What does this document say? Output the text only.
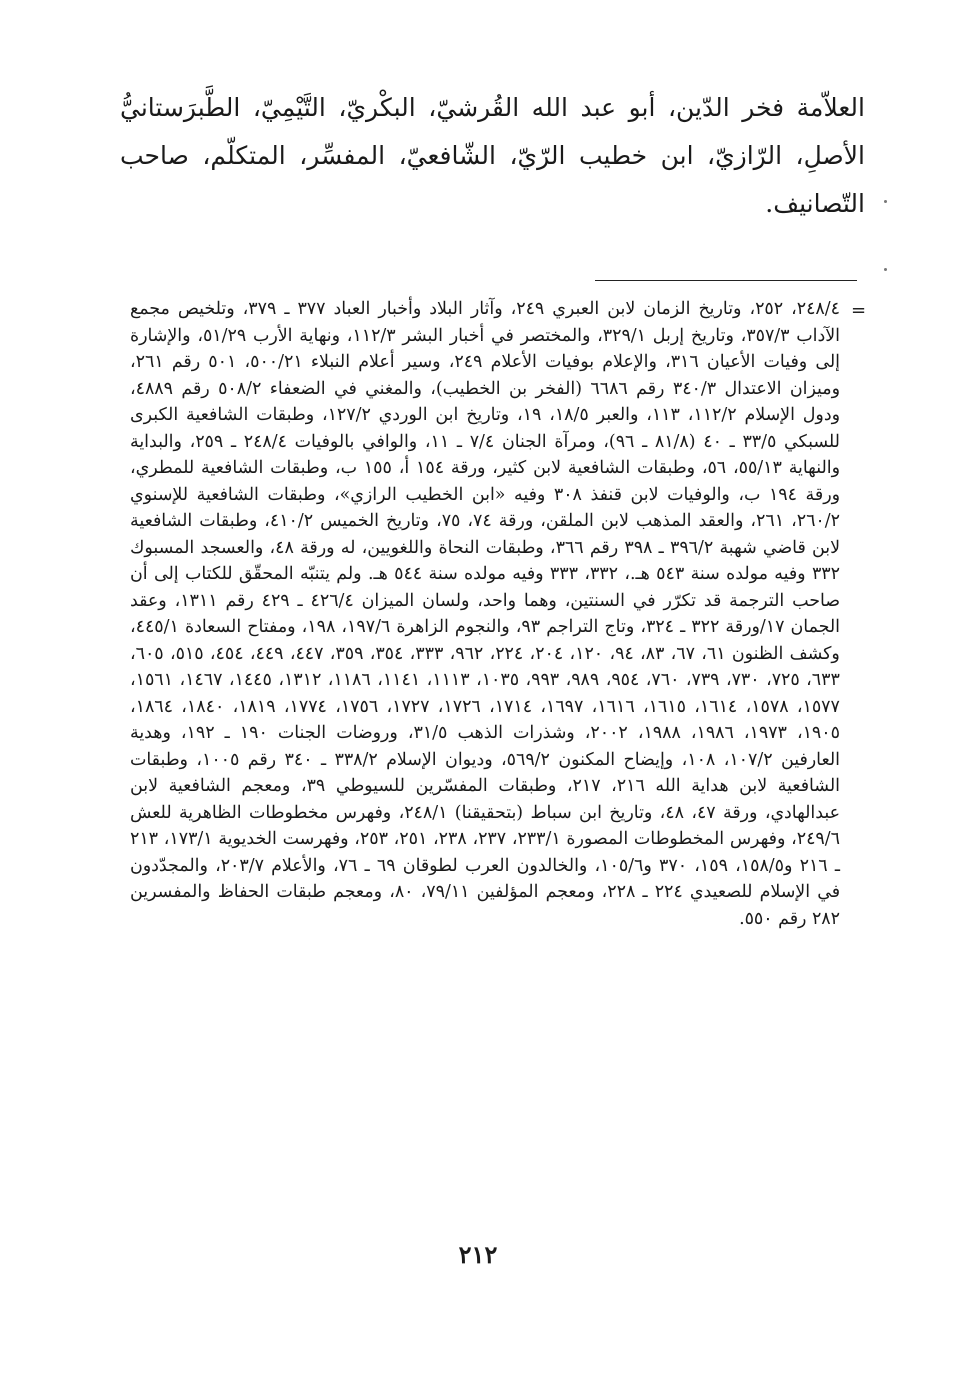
العلاّمة فخر الدّين، أبو عبد الله القُرشيّ، البكْريّ، التَّيْمِيّ، الطَّبرَستانيُّ الأصلِ، الرّازيّ، ابن خطيب الرّيّ، الشّافعيّ، المفسِّر، المتكلّم، صاحب التّصانيف.

=

٢٤٨/٤، ٢٥٢، وتاريخ الزمان لابن العبري ٢٤٩، وآثار البلاد وأخبار العباد ٣٧٧ ـ ٣٧٩، وتلخيص مجمع الآداب ٣٥٧/٣، وتاريخ إربل ٣٢٩/١، والمختصر في أخبار البشر ١١٢/٣، ونهاية الأرب ٥١/٢٩، والإشارة إلى وفيات الأعيان ٣١٦، والإعلام بوفيات الأعلام ٢٤٩، وسير أعلام النبلاء ٥٠٠/٢١، ٥٠١ رقم ٢٦١، وميزان الاعتدال ٣٤٠/٣ رقم ٦٦٨٦ (الفخر بن الخطيب)، والمغني في الضعفاء ٥٠٨/٢ رقم ٤٨٨٩، ودول الإسلام ١١٢/٢، ١١٣، والعبر ١٨/٥، ١٩، وتاريخ ابن الوردي ١٢٧/٢، وطبقات الشافعية الكبرى للسبكي ٣٣/٥ ـ ٤٠ (٨١/٨ ـ ٩٦)، ومرآة الجنان ٧/٤ ـ ١١، والوافي بالوفيات ٢٤٨/٤ ـ ٢٥٩، والبداية والنهاية ٥٥/١٣، ٥٦، وطبقات الشافعية لابن كثير، ورقة ١٥٤ أ، ١٥٥ ب، وطبقات الشافعية للمطري، ورقة ١٩٤ ب، والوفيات لابن قنفذ ٣٠٨ وفيه «ابن الخطيب الرازي»، وطبقات الشافعية للإسنوي ٢٦٠/٢، ٢٦١، والعقد المذهب لابن الملقن، ورقة ٧٤، ٧٥، وتاريخ الخميس ٤١٠/٢، وطبقات الشافعية لابن قاضي شهبة ٣٩٦/٢ ـ ٣٩٨ رقم ٣٦٦، وطبقات النحاة واللغويين، له ورقة ٤٨، والعسجد المسبوك ٣٣٢ وفيه مولده سنة ٥٤٣ هـ.، ٣٣٢، ٣٣٣ وفيه مولده سنة ٥٤٤ هـ. ولم يتنبّه المحقّق للكتاب إلى أن صاحب الترجمة قد تكرّر في السنتين، وهما واحد، ولسان الميزان ٤٢٦/٤ ـ ٤٢٩ رقم ١٣١١، وعقد الجمان ١٧/ورقة ٣٢٢ ـ ٣٢٤، وتاج التراجم ٩٣، والنجوم الزاهرة ١٩٧/٦، ١٩٨، ومفتاح السعادة ٤٤٥/١، وكشف الظنون ٦١، ٦٧، ٨٣، ٩٤، ١٢٠، ٢٠٤، ٢٢٤، ٩٦٢، ٣٣٣، ٣٥٤، ٣٥٩، ٤٤٧، ٤٤٩، ٤٥٤، ٥١٥، ٦٠٥، ٦٣٣، ٧٢٥، ٧٣٠، ٧٣٩، ٧٦٠، ٩٥٤، ٩٨٩، ٩٩٣، ١٠٣٥، ١١١٣، ١١٤١، ١١٨٦، ١٣١٢، ١٤٤٥، ١٤٦٧، ١٥٦١، ١٥٧٧، ١٥٧٨، ١٦١٤، ١٦١٥، ١٦١٦، ١٦٩٧، ١٧١٤، ١٧٢٦، ١٧٢٧، ١٧٥٦، ١٧٧٤، ١٨١٩، ١٨٤٠، ١٨٦٤، ١٩٠٥، ١٩٧٣، ١٩٨٦، ١٩٨٨، ٢٠٠٢، وشذرات الذهب ٣١/٥، وروضات الجنات ١٩٠ ـ ١٩٢، وهدية العارفين ١٠٧/٢، ١٠٨، وإيضاح المكنون ٥٦٩/٢، وديوان الإسلام ٣٣٨/٢ ـ ٣٤٠ رقم ١٠٠٥، وطبقات الشافعية لابن هداية الله ٢١٦، ٢١٧، وطبقات المفسّرين للسيوطي ٣٩، ومعجم الشافعية لابن عبدالهادي، ورقة ٤٧، ٤٨، وتاريخ ابن سباط (بتحقيقنا) ٢٤٨/١، وفهرس مخطوطات الظاهرية للعش ٢٤٩/٦، وفهرس المخطوطات المصورة ٢٣٣/١، ٢٣٧، ٢٣٨، ٢٥١، ٢٥٣، وفهرست الخديوية ١٧٣/١، ٢١٣ ـ ٢١٦ و١٥٨/٥، ١٥٩، ٣٧٠ و١٠٥/٦، والخالدون العرب لطوقان ٦٩ ـ ٧٦، والأعلام ٢٠٣/٧، والمجدّدون في الإسلام للصعيدي ٢٢٤ ـ ٢٢٨، ومعجم المؤلفين ٧٩/١١، ٨٠، ومعجم طبقات الحفاظ والمفسرين ٢٨٢ رقم ٥٥٠.

٢١٢
